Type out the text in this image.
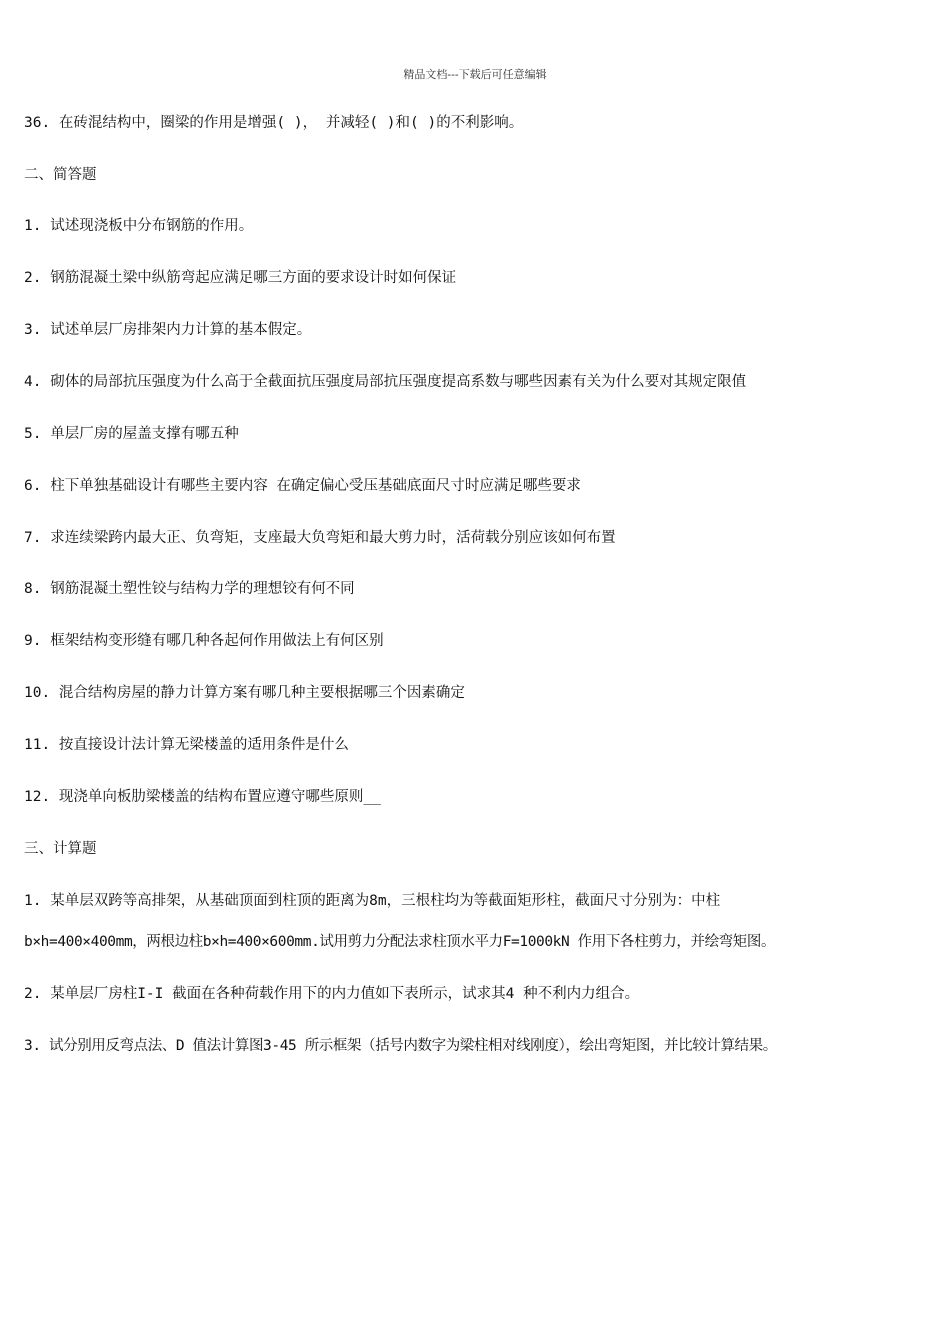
精品文档---下载后可任意编辑
36. 在砖混结构中，圈梁的作用是增强( )， 并减轻( )和( )的不利影响。
二、简答题
1. 试述现浇板中分布钢筋的作用。
2. 钢筋混凝土梁中纵筋弯起应满足哪三方面的要求设计时如何保证
3. 试述单层厂房排架内力计算的基本假定。
4. 砌体的局部抗压强度为什么高于全截面抗压强度局部抗压强度提高系数与哪些因素有关为什么要对其规定限值
5. 单层厂房的屋盖支撑有哪五种
6. 柱下单独基础设计有哪些主要内容 在确定偏心受压基础底面尺寸时应满足哪些要求
7. 求连续梁跨内最大正、负弯矩，支座最大负弯矩和最大剪力时，活荷载分别应该如何布置
8. 钢筋混凝土塑性铰与结构力学的理想铰有何不同
9. 框架结构变形缝有哪几种各起何作用做法上有何区别
10. 混合结构房屋的静力计算方案有哪几种主要根据哪三个因素确定
11. 按直接设计法计算无梁楼盖的适用条件是什么
12. 现浇单向板肋梁楼盖的结构布置应遵守哪些原则__
三、计算题
1. 某单层双跨等高排架，从基础顶面到柱顶的距离为8m，三根柱均为等截面矩形柱，截面尺寸分别为：中柱
b×h=400×400mm，两根边柱b×h=400×600mm.试用剪力分配法求柱顶水平力F=1000kN 作用下各柱剪力，并绘弯矩图。
2. 某单层厂房柱I-I 截面在各种荷载作用下的内力值如下表所示，试求其4 种不利内力组合。
3. 试分别用反弯点法、D 值法计算图3-45 所示框架（括号内数字为梁柱相对线刚度），绘出弯矩图，并比较计算结果。
